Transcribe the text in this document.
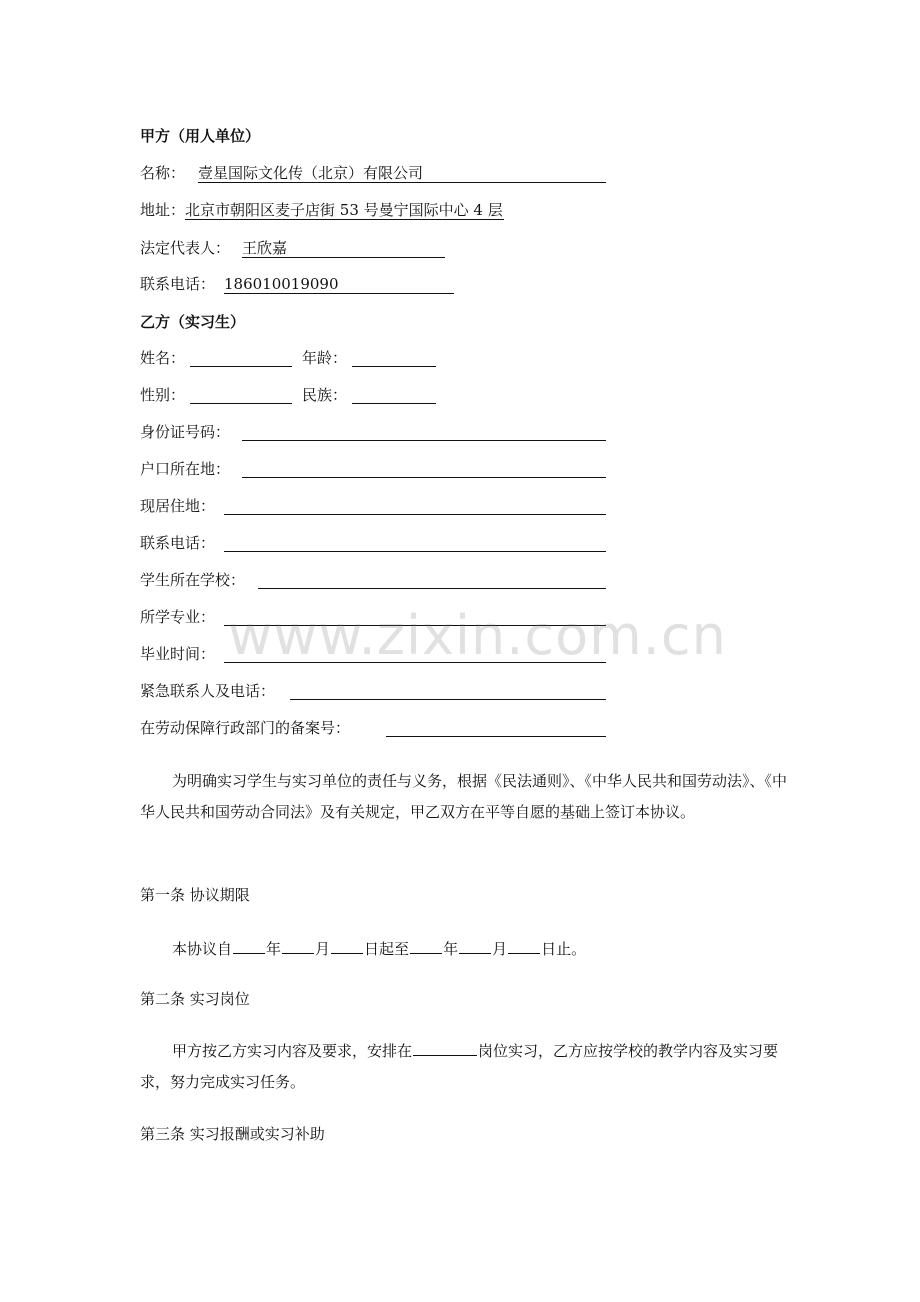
甲方（用人单位）
名称： 壹星国际文化传（北京）有限公司
地址：北京市朝阳区麦子店街 53 号曼宁国际中心 4 层
法定代表人： 王欣嘉
联系电话： 186010019090
乙方（实习生）
姓名：	年龄：
性别：	民族：
身份证号码：
户口所在地：
现居住地：
联系电话：
学生所在学校：
所学专业：
毕业时间：
紧急联系人及电话：
在劳动保障行政部门的备案号：
为明确实习学生与实习单位的责任与义务，根据《民法通则》、《中华人民共和国劳动法》、《中华人民共和国劳动合同法》及有关规定，甲乙双方在平等自愿的基础上签订本协议。
第一条 协议期限
本协议自 年 月 日起至 年 月 日止。
第二条 实习岗位
甲方按乙方实习内容及要求，安排在	岗位实习，乙方应按学校的教学内容及实习要求，努力完成实习任务。
第三条 实习报酬或实习补助
www.zixin.com.cn
